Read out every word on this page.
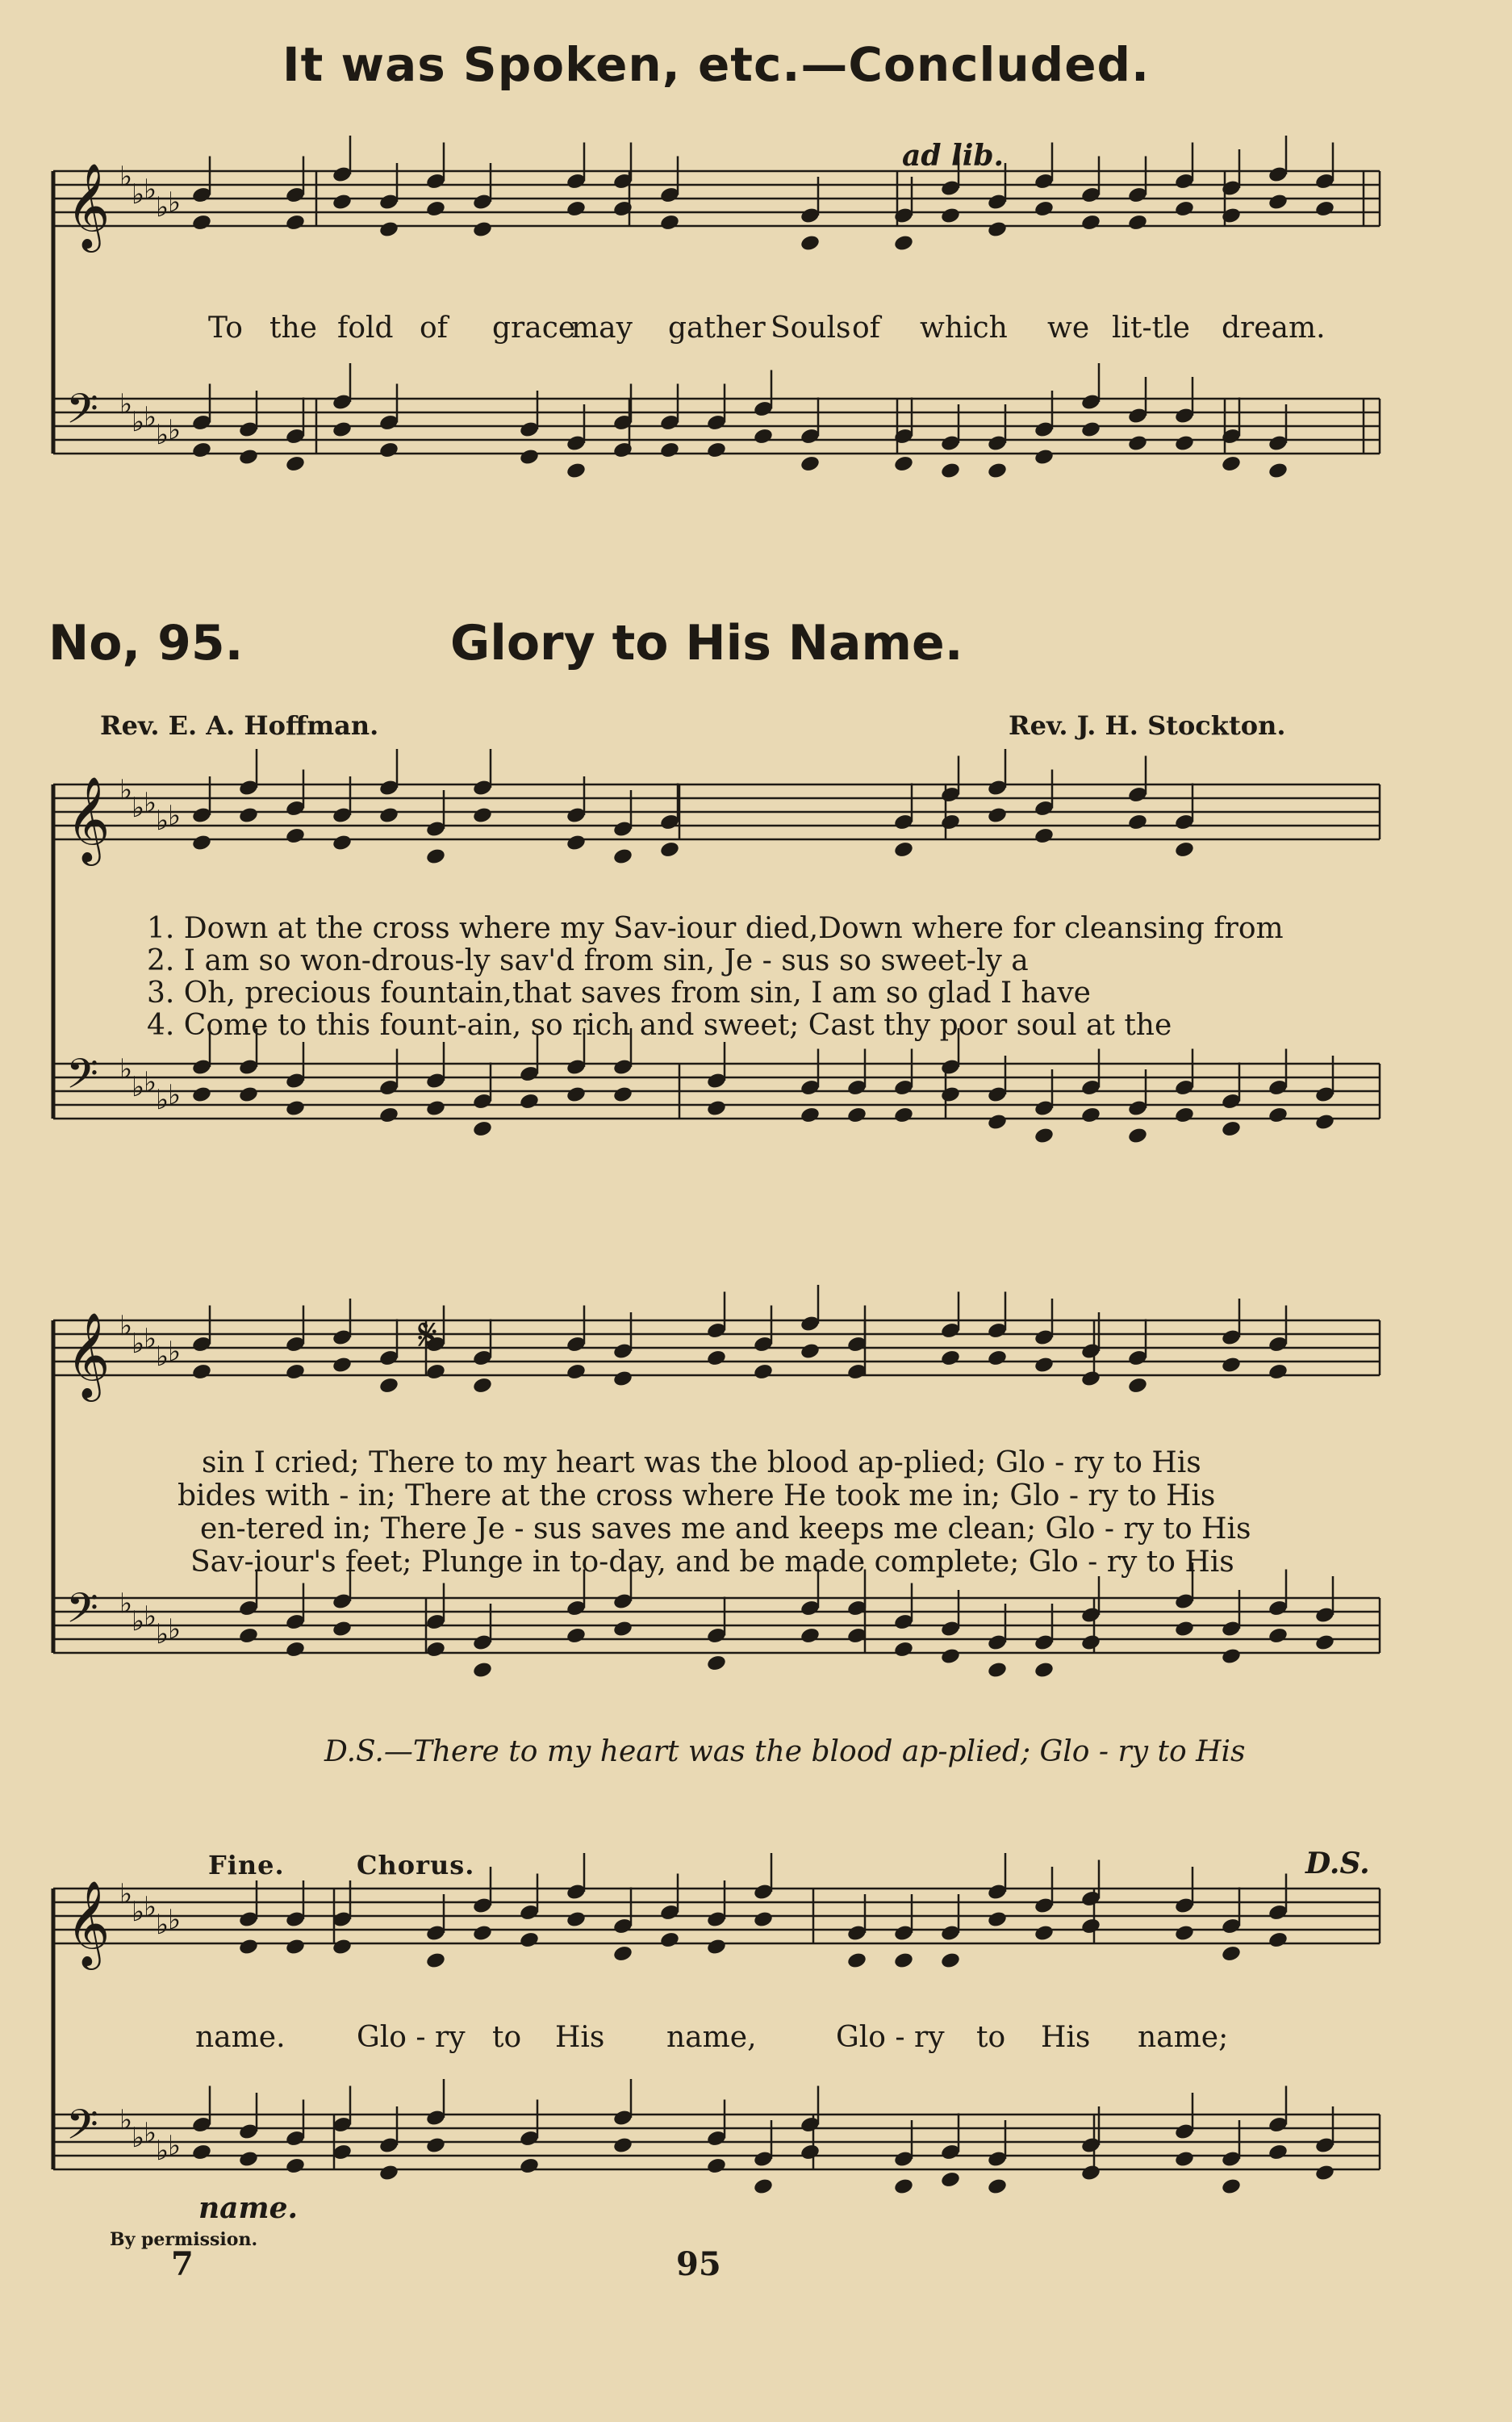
𝄞 ♭
♭
♭
♭
♭
𝄢 ♭
♭
♭
♭
♭
𝄞 ♭
♭
♭
♭
♭
𝄢 ♭
♭
♭
♭
♭
𝄞 ♭
♭
♭
♭
♭
𝄢 ♭
♭
♭
♭
♭
𝄞 ♭
♭
♭
♭
♭
𝄢 ♭
♭
♭
♭
♭
It was Spoken, etc.—Concluded.
ad lib.
To the fold of grace
may gather Souls of which we lit-tle dream.
No, 95.	Glory to His Name.
Rev. E. A. Hoffman.	Rev. J. H. Stockton.
1. Down at the cross where my Sav-iour died,Down where for cleansing from
2. I am so won-drous-ly sav'd from sin, Je - sus so sweet-ly a
3. Oh, precious fountain,that saves from sin, I am so glad I have
4. Come to this fount-ain, so rich and sweet; Cast thy poor soul at the
sin I cried; There to my heart was the blood ap-plied; Glo - ry to His
bides with - in; There at the cross where He took me in; Glo - ry to His
en-tered in; There Je - sus saves me and keeps me clean; Glo - ry to His
Sav-iour's feet; Plunge in to-day, and be made complete; Glo - ry to His
D.S.—There to my heart was the blood ap-plied; Glo - ry to His
𝄋
Fine.	Chorus.	D.S.
name. Glo - ry to His name,	Glo - ry to His name;
name.
By permission.
7	95
